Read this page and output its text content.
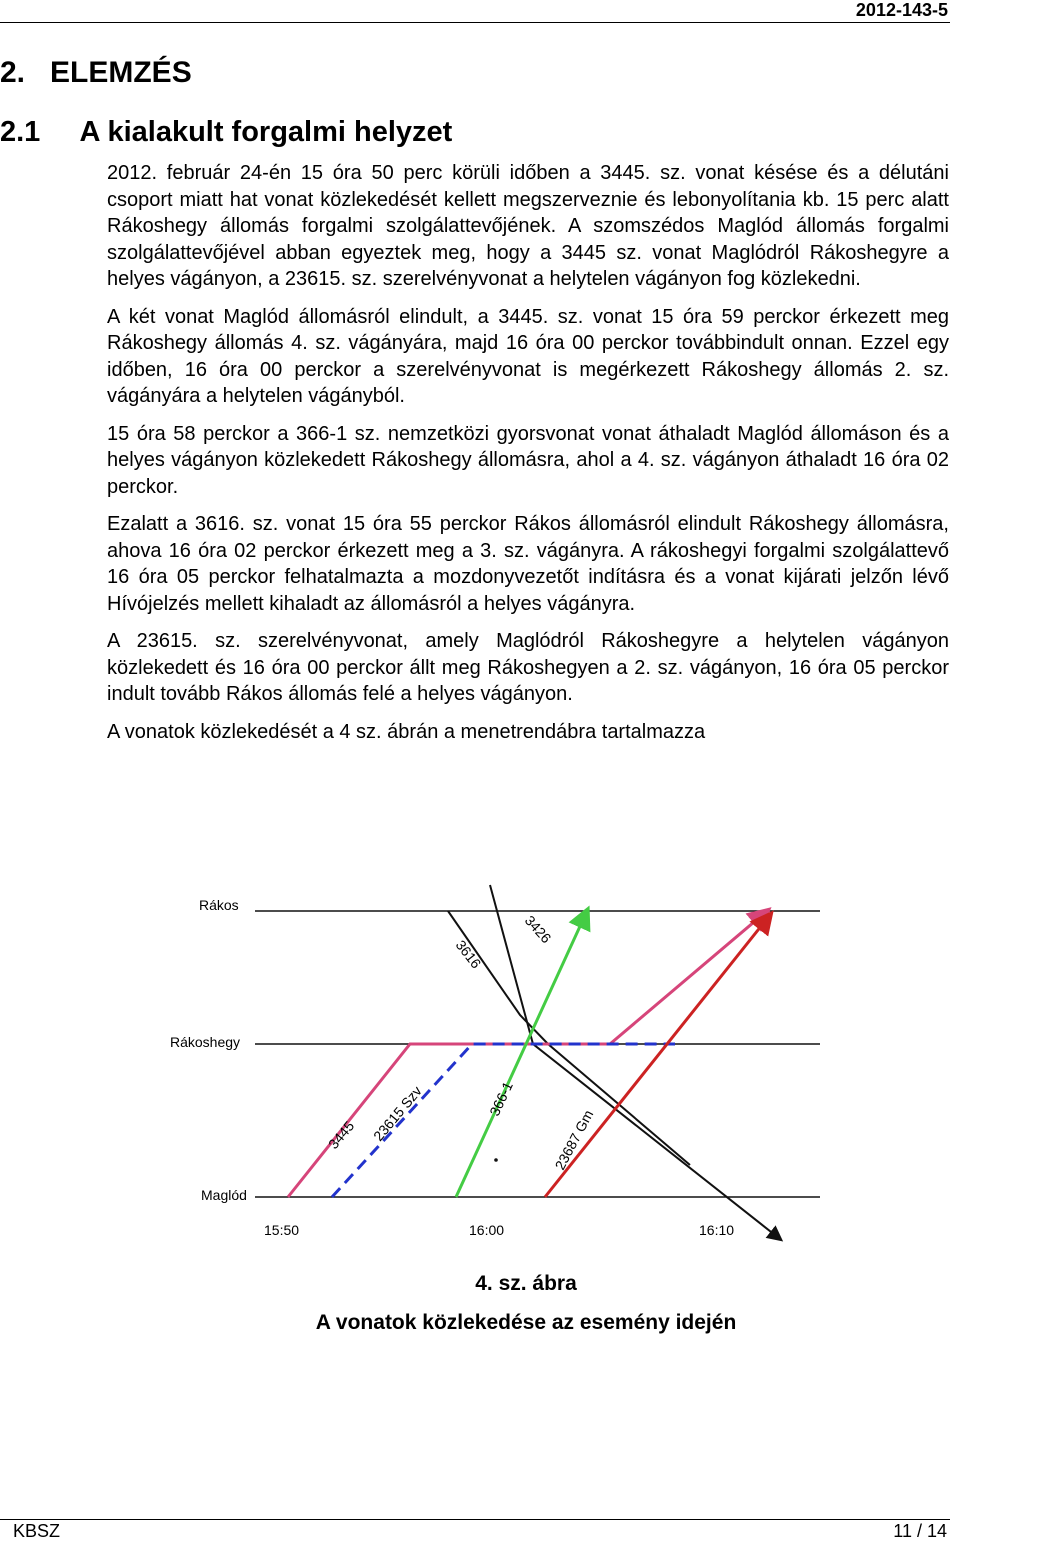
2012-143-5
2.   ELEMZÉS
2.1     A kialakult forgalmi helyzet

2012. február 24-én 15 óra 50 perc körüli időben a 3445. sz. vonat késése és a délutáni csoport miatt hat vonat közlekedését kellett megszerveznie és lebonyolítania kb. 15 perc alatt Rákoshegy állomás forgalmi szolgálattevőjének. A szomszédos Maglód állomás forgalmi szolgálattevőjével abban egyeztek meg, hogy a 3445 sz. vonat Maglódról Rákoshegyre a helyes vágányon, a 23615. sz. szerelvényvonat a helytelen vágányon fog közlekedni.

A két vonat Maglód állomásról elindult, a 3445. sz. vonat 15 óra 59 perckor érkezett meg Rákoshegy állomás 4. sz. vágányára, majd 16 óra 00 perckor továbbindult onnan. Ezzel egy időben, 16 óra 00 perckor a szerelvényvonat is megérkezett Rákoshegy állomás 2. sz. vágányára a helytelen vágányból.

15 óra 58 perckor a 366-1 sz. nemzetközi gyorsvonat vonat áthaladt Maglód állomáson és a helyes vágányon közlekedett Rákoshegy állomásra, ahol a 4. sz. vágányon áthaladt 16 óra 02 perckor.

Ezalatt a 3616. sz. vonat 15 óra 55 perckor Rákos állomásról elindult Rákoshegy állomásra, ahova 16 óra 02 perckor érkezett meg a 3. sz. vágányra. A rákoshegyi forgalmi szolgálattevő 16 óra 05 perckor felhatalmazta a mozdonyvezetőt indításra és a vonat kijárati jelzőn lévő Hívójelzés mellett kihaladt az állomásról a helyes vágányra.

A 23615. sz. szerelvényvonat, amely Maglódról Rákoshegyre a helytelen vágányon közlekedett és 16 óra 00 perckor állt meg Rákoshegyen a 2. sz. vágányon, 16 óra 05 perckor indult tovább Rákos állomás felé a helyes vágányon.

A vonatok közlekedését a 4 sz. ábrán a menetrendábra tartalmazza

Rákos
Rákoshegy
Maglód
15:50	16:00	16:10
3426
3616
3445 23615 Szv	366-1
23687 Gm
4. sz. ábra
A vonatok közlekedése az esemény idején
KBSZ	11 / 14
